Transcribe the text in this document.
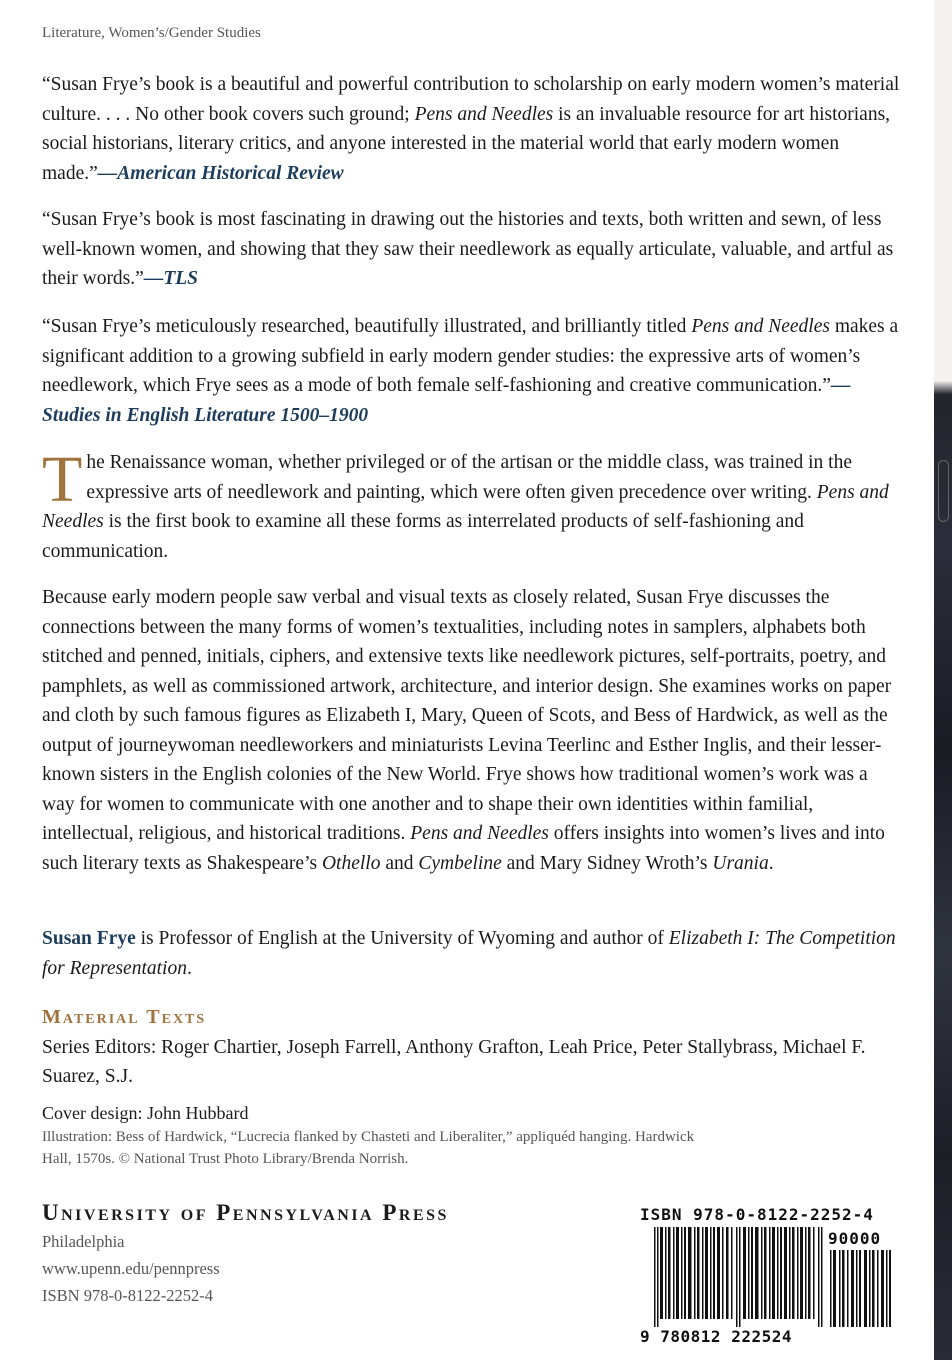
Literature, Women’s/Gender Studies

“Susan Frye’s book is a beautiful and powerful contribution to scholarship on early modern women’s material culture. . . . No other book covers such ground; Pens and Needles is an invaluable resource for art historians, social historians, literary critics, and anyone interested in the material world that early modern women made.”—American Historical Review

“Susan Frye’s book is most fascinating in drawing out the histories and texts, both written and sewn, of less well-known women, and showing that they saw their needlework as equally articulate, valuable, and artful as their words.”—TLS

“Susan Frye’s meticulously researched, beautifully illustrated, and brilliantly titled Pens and Needles makes a significant addition to a growing subfield in early modern gender studies: the expressive arts of women’s needlework, which Frye sees as a mode of both female self-fashioning and creative communication.”—Studies in English Literature 1500–1900

The Renaissance woman, whether privileged or of the artisan or the middle class, was trained in the expressive arts of needlework and painting, which were often given precedence over writing. Pens and Needles is the first book to examine all these forms as interrelated products of self-fashioning and communication.

Because early modern people saw verbal and visual texts as closely related, Susan Frye discusses the connections between the many forms of women’s textualities, including notes in samplers, alphabets both stitched and penned, initials, ciphers, and extensive texts like needlework pictures, self-portraits, poetry, and pamphlets, as well as commissioned artwork, architecture, and interior design. She examines works on paper and cloth by such famous figures as Elizabeth I, Mary, Queen of Scots, and Bess of Hardwick, as well as the output of journeywoman needleworkers and miniaturists Levina Teerlinc and Esther Inglis, and their lesser-known sisters in the English colonies of the New World. Frye shows how traditional women’s work was a way for women to communicate with one another and to shape their own identities within familial, intellectual, religious, and historical traditions. Pens and Needles offers insights into women’s lives and into such literary texts as Shakespeare’s Othello and Cymbeline and Mary Sidney Wroth’s Urania.

Susan Frye is Professor of English at the University of Wyoming and author of Elizabeth I: The Competition for Representation.

Material Texts

Series Editors: Roger Chartier, Joseph Farrell, Anthony Grafton, Leah Price, Peter Stallybrass, Michael F. Suarez, S.J.

Cover design: John Hubbard

Illustration: Bess of Hardwick, “Lucrecia flanked by Chasteti and Liberaliter,” appliquéd hanging. Hardwick Hall, 1570s. © National Trust Photo Library/Brenda Norrish.

University of Pennsylvania Press

Philadelphia

www.upenn.edu/pennpress

ISBN 978-0-8122-2252-4

ISBN 978-0-8122-2252-4
90000
9 780812 222524
